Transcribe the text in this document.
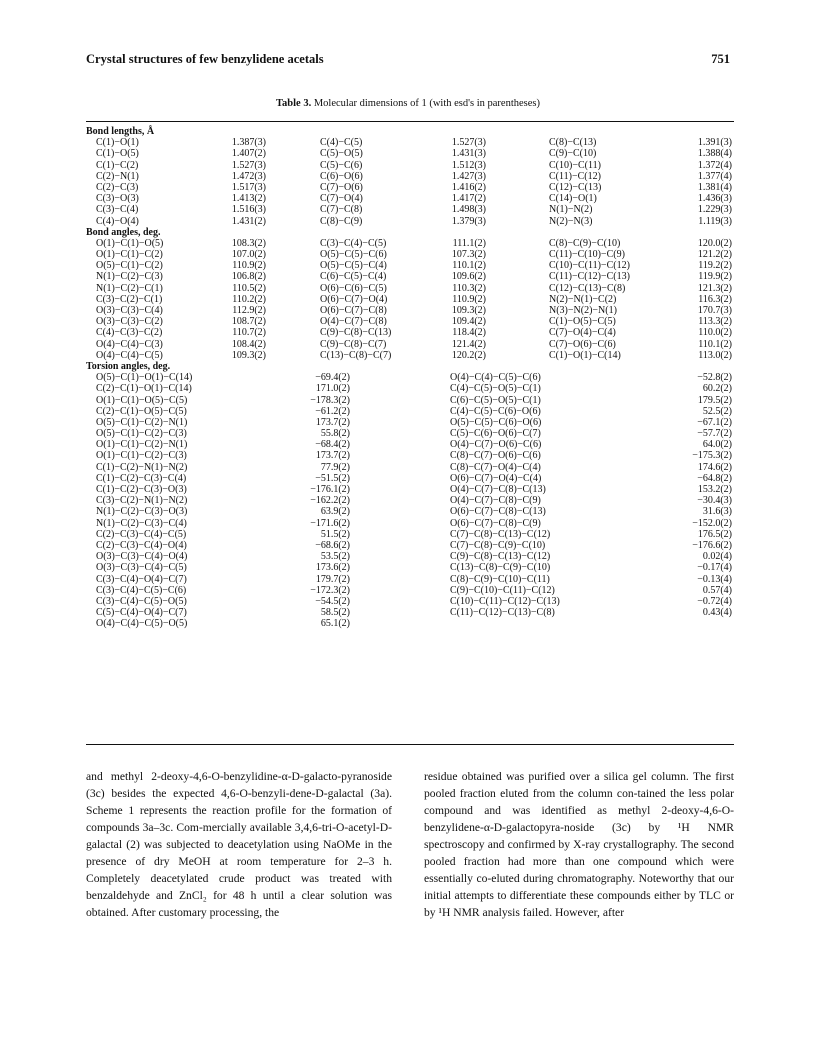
Crystal structures of few benzylidene acetals	751
Table 3. Molecular dimensions of 1 (with esd's in parentheses)
Bond lengths, Å
C(1)−O(1)	1.387(3)	C(4)−C(5)	1.527(3)	C(8)−C(13)	1.391(3)
C(1)−O(5)	1.407(2)	C(5)−O(5)	1.431(3)	C(9)−C(10)	1.388(4)
C(1)−C(2)	1.527(3)	C(5)−C(6)	1.512(3)	C(10)−C(11)	1.372(4)
C(2)−N(1)	1.472(3)	C(6)−O(6)	1.427(3)	C(11)−C(12)	1.377(4)
C(2)−C(3)	1.517(3)	C(7)−O(6)	1.416(2)	C(12)−C(13)	1.381(4)
C(3)−O(3)	1.413(2)	C(7)−O(4)	1.417(2)	C(14)−O(1)	1.436(3)
C(3)−C(4)	1.516(3)	C(7)−C(8)	1.498(3)	N(1)−N(2)	1.229(3)
C(4)−O(4)	1.431(2)	C(8)−C(9)	1.379(3)	N(2)−N(3)	1.119(3)
Bond angles, deg.
O(1)−C(1)−O(5)	108.3(2)	C(3)−C(4)−C(5)	111.1(2)	C(8)−C(9)−C(10)	120.0(2)
O(1)−C(1)−C(2)	107.0(2)	O(5)−C(5)−C(6)	107.3(2)	C(11)−C(10)−C(9)	121.2(2)
O(5)−C(1)−C(2)	110.9(2)	O(5)−C(5)−C(4)	110.1(2)	C(10)−C(11)−C(12)	119.2(2)
N(1)−C(2)−C(3)	106.8(2)	C(6)−C(5)−C(4)	109.6(2)	C(11)−C(12)−C(13)	119.9(2)
N(1)−C(2)−C(1)	110.5(2)	O(6)−C(6)−C(5)	110.3(2)	C(12)−C(13)−C(8)	121.3(2)
C(3)−C(2)−C(1)	110.2(2)	O(6)−C(7)−O(4)	110.9(2)	N(2)−N(1)−C(2)	116.3(2)
O(3)−C(3)−C(4)	112.9(2)	O(6)−C(7)−C(8)	109.3(2)	N(3)−N(2)−N(1)	170.7(3)
O(3)−C(3)−C(2)	108.7(2)	O(4)−C(7)−C(8)	109.4(2)	C(1)−O(5)−C(5)	113.3(2)
C(4)−C(3)−C(2)	110.7(2)	C(9)−C(8)−C(13)	118.4(2)	C(7)−O(4)−C(4)	110.0(2)
O(4)−C(4)−C(3)	108.4(2)	C(9)−C(8)−C(7)	121.4(2)	C(7)−O(6)−C(6)	110.1(2)
O(4)−C(4)−C(5)	109.3(2)	C(13)−C(8)−C(7)	120.2(2)	C(1)−O(1)−C(14)	113.0(2)
Torsion angles, deg.
O(5)−C(1)−O(1)−C(14)	−69.4(2)	O(4)−C(4)−C(5)−C(6)	−52.8(2)
C(2)−C(1)−O(1)−C(14)	171.0(2)	C(4)−C(5)−O(5)−C(1)	60.2(2)
O(1)−C(1)−O(5)−C(5)	−178.3(2)	C(6)−C(5)−O(5)−C(1)	179.5(2)
C(2)−C(1)−O(5)−C(5)	−61.2(2)	C(4)−C(5)−C(6)−O(6)	52.5(2)
O(5)−C(1)−C(2)−N(1)	173.7(2)	O(5)−C(5)−C(6)−O(6)	−67.1(2)
O(5)−C(1)−C(2)−C(3)	55.8(2)	C(5)−C(6)−O(6)−C(7)	−57.7(2)
O(1)−C(1)−C(2)−N(1)	−68.4(2)	O(4)−C(7)−O(6)−C(6)	64.0(2)
O(1)−C(1)−C(2)−C(3)	173.7(2)	C(8)−C(7)−O(6)−C(6)	−175.3(2)
C(1)−C(2)−N(1)−N(2)	77.9(2)	C(8)−C(7)−O(4)−C(4)	174.6(2)
C(1)−C(2)−C(3)−C(4)	−51.5(2)	O(6)−C(7)−O(4)−C(4)	−64.8(2)
C(1)−C(2)−C(3)−O(3)	−176.1(2)	O(4)−C(7)−C(8)−C(13)	153.2(2)
C(3)−C(2)−N(1)−N(2)	−162.2(2)	O(4)−C(7)−C(8)−C(9)	−30.4(3)
N(1)−C(2)−C(3)−O(3)	63.9(2)	O(6)−C(7)−C(8)−C(13)	31.6(3)
N(1)−C(2)−C(3)−C(4)	−171.6(2)	O(6)−C(7)−C(8)−C(9)	−152.0(2)
C(2)−C(3)−C(4)−C(5)	51.5(2)	C(7)−C(8)−C(13)−C(12)	176.5(2)
C(2)−C(3)−C(4)−O(4)	−68.6(2)	C(7)−C(8)−C(9)−C(10)	−176.6(2)
O(3)−C(3)−C(4)−O(4)	53.5(2)	C(9)−C(8)−C(13)−C(12)	0.02(4)
O(3)−C(3)−C(4)−C(5)	173.6(2)	C(13)−C(8)−C(9)−C(10)	−0.17(4)
C(3)−C(4)−O(4)−C(7)	179.7(2)	C(8)−C(9)−C(10)−C(11)	−0.13(4)
C(3)−C(4)−C(5)−C(6)	−172.3(2)	C(9)−C(10)−C(11)−C(12)	0.57(4)
C(3)−C(4)−C(5)−O(5)	−54.5(2)	C(10)−C(11)−C(12)−C(13)	−0.72(4)
C(5)−C(4)−O(4)−C(7)	58.5(2)	C(11)−C(12)−C(13)−C(8)	0.43(4)
O(4)−C(4)−C(5)−O(5)	65.1(2)

and methyl 2-deoxy-4,6-O-benzylidine-α-D-galacto-pyranoside (3c) besides the expected 4,6-O-benzyli-dene-D-galactal (3a). Scheme 1 represents the reaction profile for the formation of compounds 3a–3c. Com-mercially available 3,4,6-tri-O-acetyl-D-galactal (2) was subjected to deacetylation using NaOMe in the presence of dry MeOH at room temperature for 2–3 h. Completely deacetylated crude product was treated with benzaldehyde and ZnCl₂ for 48 h until a clear solution was obtained. After customary processing, the

residue obtained was purified over a silica gel column. The first pooled fraction eluted from the column con-tained the less polar compound and was identified as methyl 2-deoxy-4,6-O-benzylidene-α-D-galactopyra-noside (3c) by ¹H NMR spectroscopy and confirmed by X-ray crystallography. The second pooled fraction had more than one compound which were essentially co-eluted during chromatography. Noteworthy that our initial attempts to differentiate these compounds either by TLC or by ¹H NMR analysis failed. However, after
